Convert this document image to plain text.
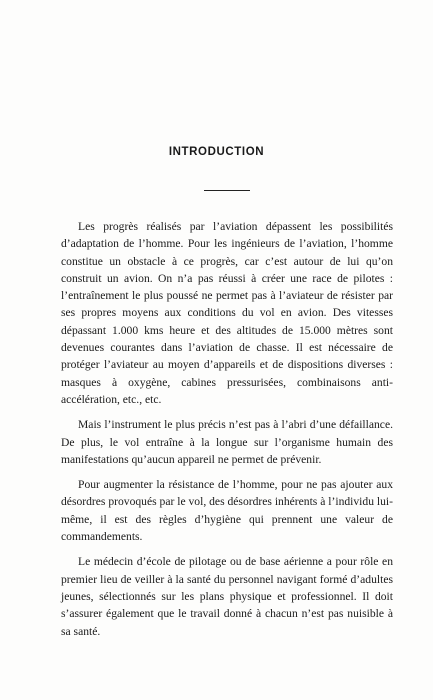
INTRODUCTION

Les progrès réalisés par l’aviation dépassent les possibilités d’adaptation de l’homme. Pour les ingénieurs de l’aviation, l’homme constitue un obstacle à ce progrès, car c’est autour de lui qu’on construit un avion. On n’a pas réussi à créer une race de pilotes : l’entraînement le plus poussé ne permet pas à l’aviateur de résister par ses propres moyens aux conditions du vol en avion. Des vitesses dépassant 1.000 kms heure et des altitudes de 15.000 mètres sont devenues courantes dans l’aviation de chasse. Il est nécessaire de protéger l’aviateur au moyen d’appareils et de dispositions diverses : masques à oxygène, cabines pressurisées, combinaisons anti-accélération, etc., etc.

Mais l’instrument le plus précis n’est pas à l’abri d’une défaillance. De plus, le vol entraîne à la longue sur l’organisme humain des manifestations qu’aucun appareil ne permet de prévenir.

Pour augmenter la résistance de l’homme, pour ne pas ajouter aux désordres provoqués par le vol, des désordres inhérents à l’individu lui-même, il est des règles d’hygiène qui prennent une valeur de commandements.

Le médecin d’école de pilotage ou de base aérienne a pour rôle en premier lieu de veiller à la santé du personnel navigant formé d’adultes jeunes, sélectionnés sur les plans physique et professionnel. Il doit s’assurer également que le travail donné à chacun n’est pas nuisible à sa santé.
